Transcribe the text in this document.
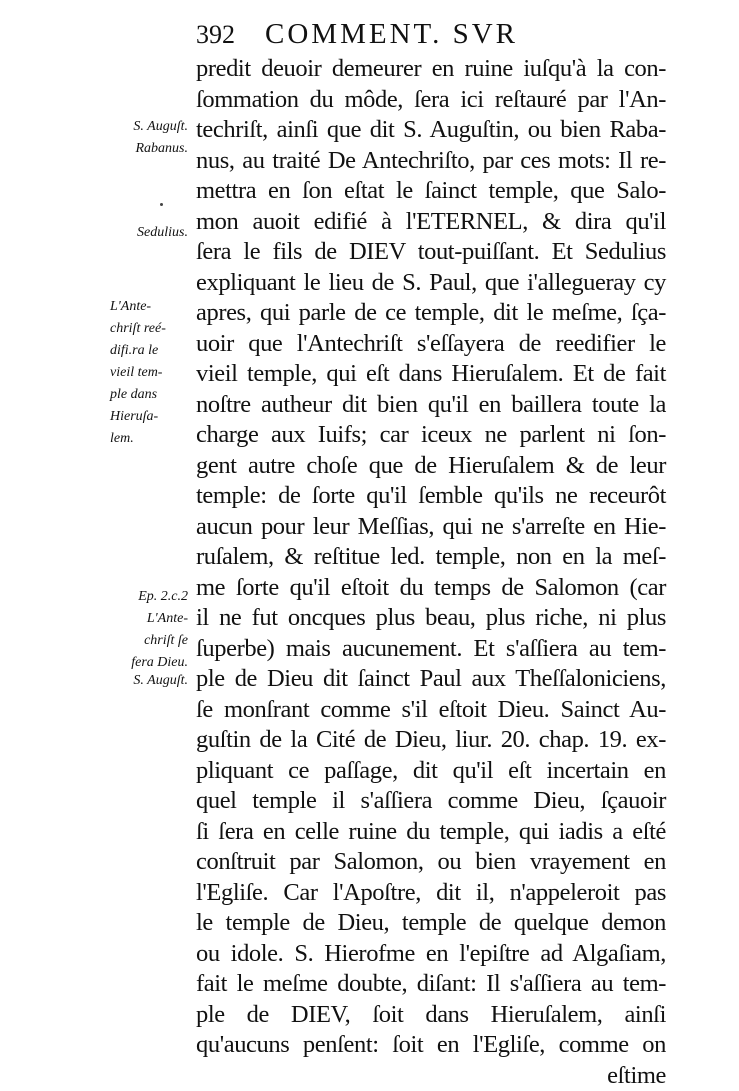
392 COMMENT. SVR
S. Auguſt.
Rabanus.
Sedulius.
L'Ante-
chriſt reé-
difi.ra le
vieil tem-
ple dans
Hieruſa-
lem.
Ep. 2.c.2
L'Ante-
chriſt ſe
fera Dieu.
S. Auguſt.
predit deuoir demeurer en ruine iuſqu'à la con-
ſommation du môde, ſera ici reſtauré par l'An-
techriſt, ainſi que dit S. Auguſtin, ou bien Raba-
nus, au traité De Antechriſto, par ces mots: Il re-
mettra en ſon eſtat le ſainct temple, que Salo-
mon auoit edifié à l'ETERNEL, & dira qu'il
ſera le fils de DIEV tout-puiſſant. Et Sedulius
expliquant le lieu de S. Paul, que i'allegueray cy
apres, qui parle de ce temple, dit le meſme, ſça-
uoir que l'Antechriſt s'eſſayera de reedifier le
vieil temple, qui eſt dans Hieruſalem. Et de fait
noſtre autheur dit bien qu'il en baillera toute la
charge aux Iuifs; car iceux ne parlent ni ſon-
gent autre choſe que de Hieruſalem & de leur
temple: de ſorte qu'il ſemble qu'ils ne receurôt
aucun pour leur Meſſias, qui ne s'arreſte en Hie-
ruſalem, & reſtitue led. temple, non en la meſ-
me ſorte qu'il eſtoit du temps de Salomon (car
il ne fut oncques plus beau, plus riche, ni plus
ſuperbe) mais aucunement. Et s'aſſiera au tem-
ple de Dieu dit ſainct Paul aux Theſſaloniciens,
ſe monſrant comme s'il eſtoit Dieu. Sainct Au-
guſtin de la Cité de Dieu, liur. 20. chap. 19. ex-
pliquant ce paſſage, dit qu'il eſt incertain en
quel temple il s'aſſiera comme Dieu, ſçauoir
ſi ſera en celle ruine du temple, qui iadis a eſté
conſtruit par Salomon, ou bien vrayement en
l'Egliſe. Car l'Apoſtre, dit il, n'appeleroit pas
le temple de Dieu, temple de quelque demon
ou idole. S. Hierofme en l'epiſtre ad Algaſiam,
fait le meſme doubte, diſant: Il s'aſſiera au tem-
ple de DIEV, ſoit dans Hieruſalem, ainſi
qu'aucuns penſent: ſoit en l'Egliſe, comme on
eſtime
